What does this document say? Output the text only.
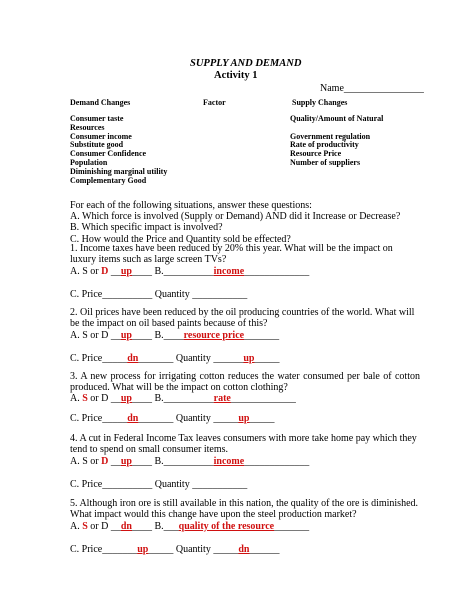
SUPPLY AND DEMAND
Activity 1
Name________________
Demand Changes	Factor	Supply Changes
Consumer taste
Resources
Consumer income
Substitute good
Consumer Confidence
Population
Diminishing marginal utility
Complementary Good
Quality/Amount of Natural

Government regulation
Rate of productivity
Resource Price
Number of suppliers
For each of the following situations, answer these questions:
A. Which force is involved (Supply or Demand) AND did it Increase or Decrease?
B. Which specific impact is involved?
C. How would the Price and Quantity sold be effected?
1. Income taxes have been reduced by 20% this year. What will be the impact on luxury items such as large screen TVs?
A. S or D __up____ B.__________income_____________
C. Price__________ Quantity ___________
2. Oil prices have been reduced by the oil producing countries of the world. What will be the impact on oil based paints because of this?
A. S or D __up____ B.____resource price_______
C. Price_____dn_______ Quantity ______up_____
3. A new process for irrigating cotton reduces the water consumed per bale of cotton produced. What will be the impact on cotton clothing?
A. S or D __up____ B.__________rate_____________
C. Price_____dn_______ Quantity _____up_____
4. A cut in Federal Income Tax leaves consumers with more take home pay which they tend to spend on small consumer items.
A. S or D __up____ B.__________income_____________
C. Price__________ Quantity ___________
5. Although iron ore is still available in this nation, the quality of the ore is diminished. What impact would this change have upon the steel production market?
A. S or D __dn____ B.___quality of the resource_______
C. Price_______up_____ Quantity _____dn______
